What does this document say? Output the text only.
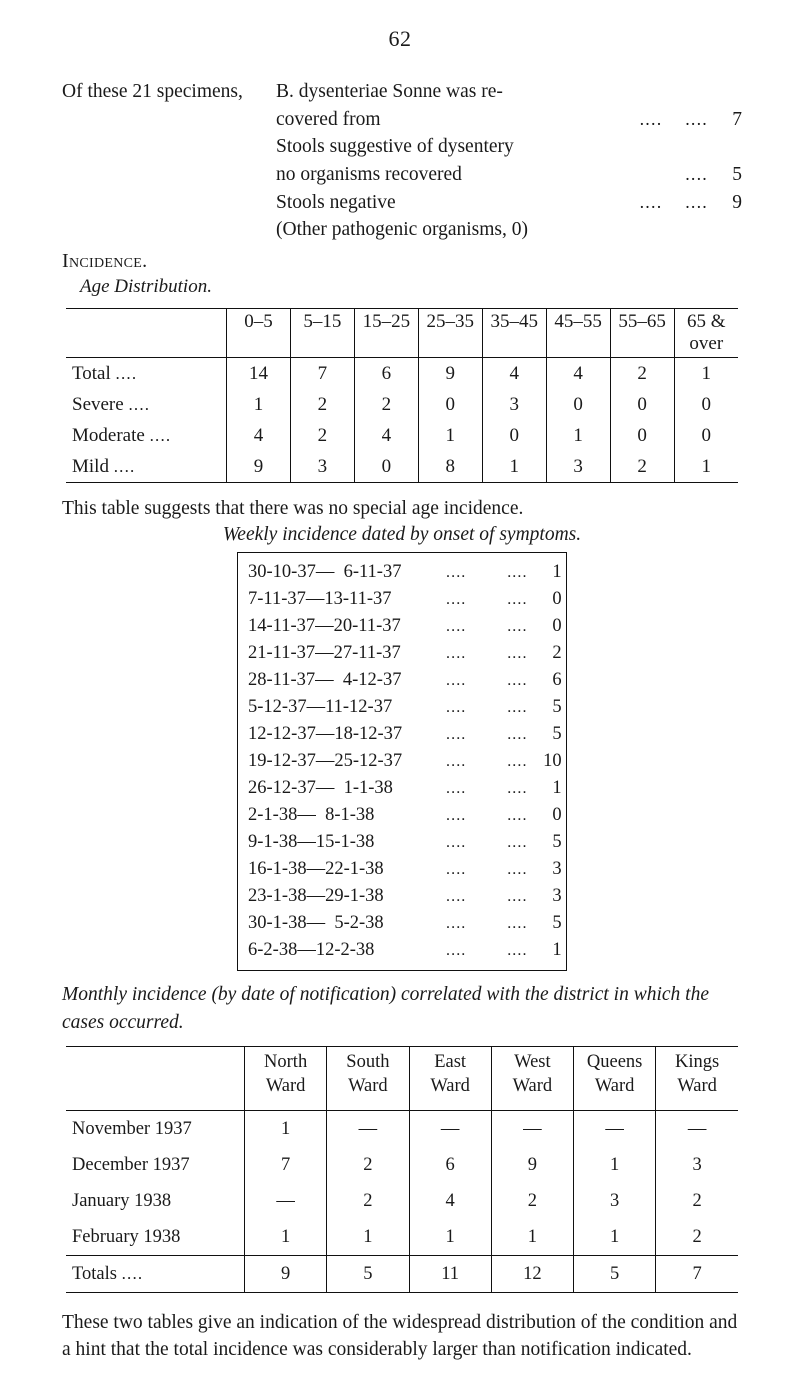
62
Of these 21 specimens,	B. dysenteriae Sonne was re-
covered from	....    ....	7
Stools suggestive of dysentery
no organisms recovered	....	5
Stools negative	....    ....	9
(Other pathogenic organisms, 0)
Incidence.
Age Distribution.
	0–5	5–15	15–25	25–35	35–45	45–55	55–65	65 & over
Total ....	14	7	6	9	4	4	2	1
Severe ....	1	2	2	0	3	0	0	0
Moderate ....	4	2	4	1	0	1	0	0
Mild ....	9	3	0	8	1	3	2	1
This table suggests that there was no special age incidence.
Weekly incidence dated by onset of symptoms.
30-10-37—  6-11-37	....        ....	1
7-11-37—13-11-37	....        ....	0
14-11-37—20-11-37	....        ....	0
21-11-37—27-11-37	....        ....	2
28-11-37—  4-12-37	....        ....	6
5-12-37—11-12-37	....        ....	5
12-12-37—18-12-37	....        ....	5
19-12-37—25-12-37	....        .... 10
26-12-37—  1-1-38	....        ....	1
2-1-38—  8-1-38	....        ....	0
9-1-38—15-1-38	....        ....	5
16-1-38—22-1-38	....        ....	3
23-1-38—29-1-38	....        ....	3
30-1-38—  5-2-38	....        ....	5
6-2-38—12-2-38	....        ....	1
Monthly incidence (by date of notification) correlated with the district in which the cases occurred.
	North Ward	South Ward	East Ward	West Ward	Queens Ward	Kings Ward
November 1937	1	—	—	—	—	—
December 1937	7	2	6	9	1	3
January 1938	—	2	4	2	3	2
February 1938	1	1	1	1	1	2
Totals ....	9	5	11	12	5	7
These two tables give an indication of the widespread distribution of the condition and a hint that the total incidence was considerably larger than notification indicated.
